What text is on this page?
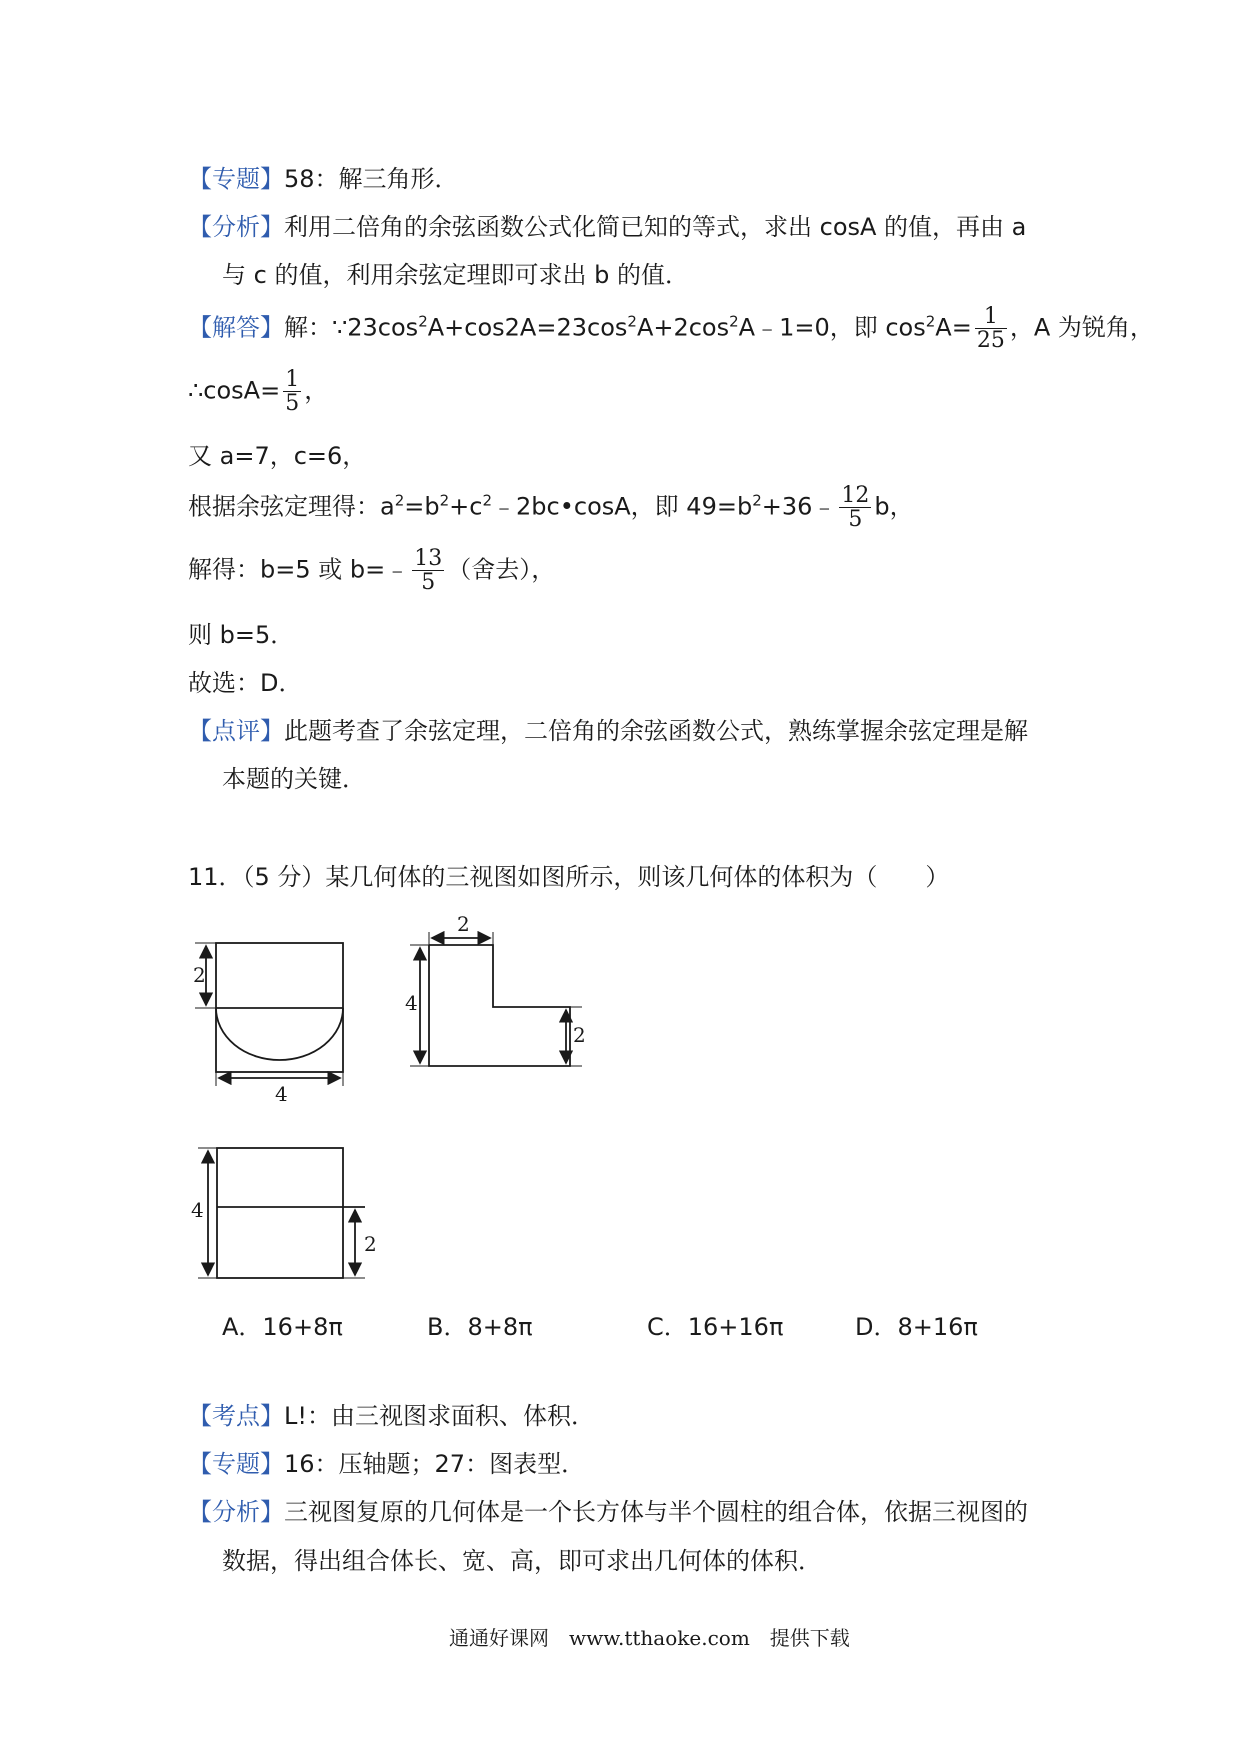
【专题】58：解三角形．
【分析】利用二倍角的余弦函数公式化简已知的等式，求出 cosA 的值，再由 a
与 c 的值，利用余弦定理即可求出 b 的值．
【解答】解：$\because 23\cos^2A+\cos 2A=23\cos^2A+2\cos^2A﹣1=0$，即 $\cos^2A= \frac{1}{25}$ ，A 为锐角，
∴cosA= $\frac{1}{5}$ ，
又 a=7，c=6，
根据余弦定理得：$a^2=b^2+c^2﹣2bc•\cos A$，即 $49=b^2+36﹣ \frac{12}{5}$ b，
解得：b=5 或 b=﹣ $\frac{13}{5}$ （舍去），
则 b=5．
故选：D．
【点评】此题考查了余弦定理，二倍角的余弦函数公式，熟练掌握余弦定理是解
本题的关键．
11．（5 分）某几何体的三视图如图所示，则该几何体的体积为（　　）
2
4
2
4
2
4
2
A．16+8π	B．8+8π	C．16+16π	D．8+16π
【考点】L!：由三视图求面积、体积．
【专题】16：压轴题；27：图表型．
【分析】三视图复原的几何体是一个长方体与半个圆柱的组合体，依据三视图的
数据，得出组合体长、宽、高，即可求出几何体的体积．
通通好课网　www.tthaoke.com　提供下载
